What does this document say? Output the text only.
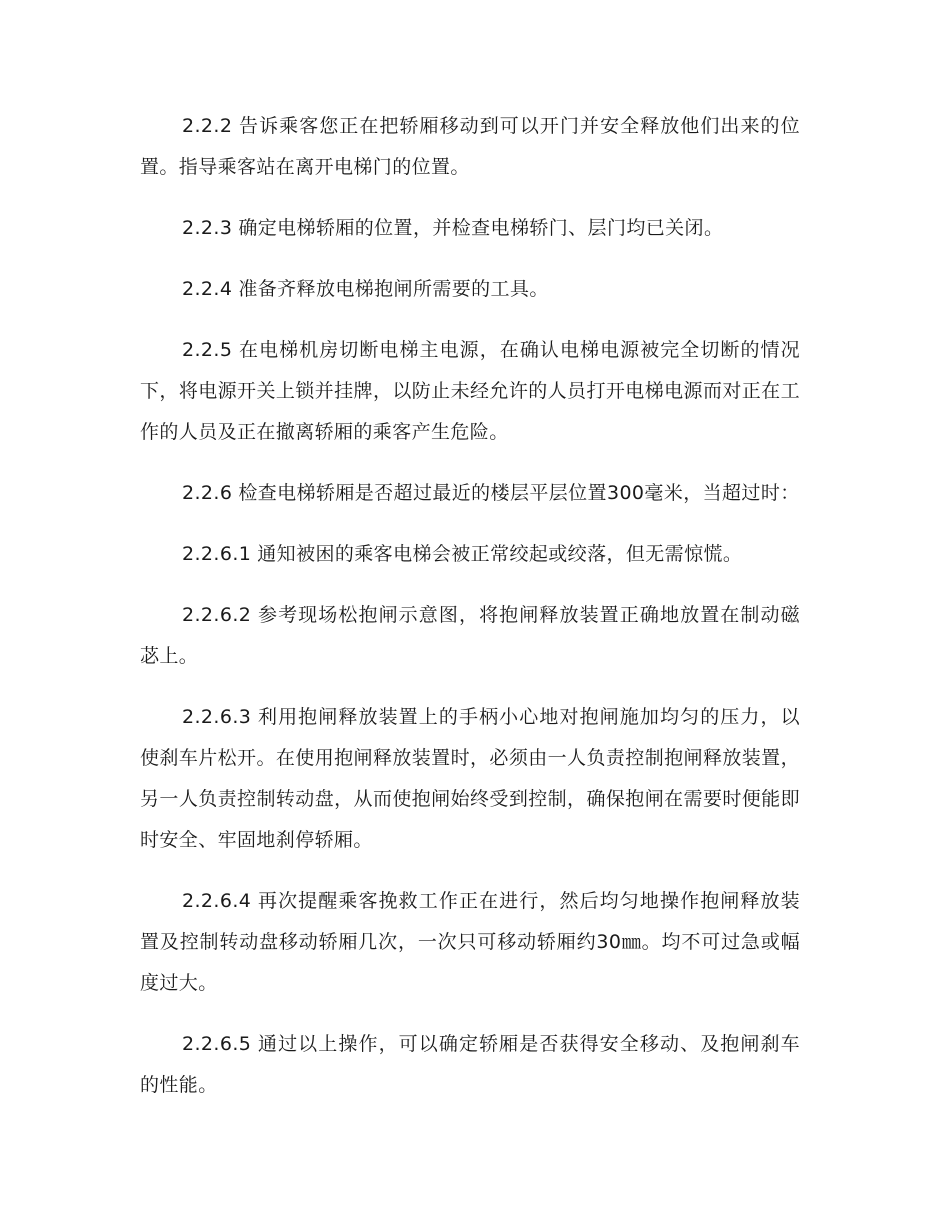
2.2.2 告诉乘客您正在把轿厢移动到可以开门并安全释放他们出来的位置。指导乘客站在离开电梯门的位置。

2.2.3 确定电梯轿厢的位置，并检查电梯轿门、层门均已关闭。

2.2.4 准备齐释放电梯抱闸所需要的工具。

2.2.5 在电梯机房切断电梯主电源，在确认电梯电源被完全切断的情况下，将电源开关上锁并挂牌，以防止未经允许的人员打开电梯电源而对正在工作的人员及正在撤离轿厢的乘客产生危险。

2.2.6 检查电梯轿厢是否超过最近的楼层平层位置300毫米，当超过时：

2.2.6.1 通知被困的乘客电梯会被正常绞起或绞落，但无需惊慌。

2.2.6.2 参考现场松抱闸示意图，将抱闸释放装置正确地放置在制动磁苾上。

2.2.6.3 利用抱闸释放装置上的手柄小心地对抱闸施加均匀的压力，以使刹车片松开。在使用抱闸释放装置时，必须由一人负责控制抱闸释放装置，另一人负责控制转动盘，从而使抱闸始终受到控制，确保抱闸在需要时便能即时安全、牢固地刹停轿厢。

2.2.6.4 再次提醒乘客挽救工作正在进行，然后均匀地操作抱闸释放装置及控制转动盘移动轿厢几次，一次只可移动轿厢约30㎜。均不可过急或幅度过大。

2.2.6.5 通过以上操作，可以确定轿厢是否获得安全移动、及抱闸刹车的性能。
